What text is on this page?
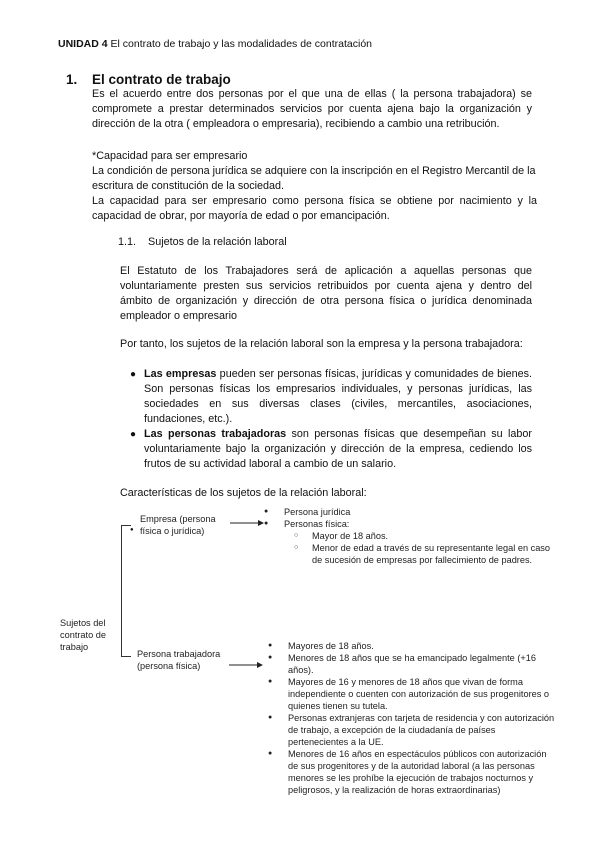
UNIDAD 4 El contrato de trabajo y las modalidades de contratación
1. El contrato de trabajo
Es el acuerdo entre dos personas por el que una de ellas ( la persona trabajadora) se compromete a prestar determinados servicios por cuenta ajena bajo la organización y dirección de la otra ( empleadora o empresaria), recibiendo a cambio una retribución.
*Capacidad para ser empresario
La condición de persona jurídica se adquiere con la inscripción en el Registro Mercantil de la escritura de constitución de la sociedad.
La capacidad para ser empresario como persona física se obtiene por nacimiento y la capacidad de obrar, por mayoría de edad o por emancipación.
1.1. Sujetos de la relación laboral
El Estatuto de los Trabajadores será de aplicación a aquellas personas que voluntariamente presten sus servicios retribuidos por cuenta ajena y dentro del ámbito de organización y dirección de otra persona física o jurídica denominada empleador o empresario
Por tanto, los sujetos de la relación laboral son la empresa y la persona trabajadora:
● Las empresas pueden ser personas físicas, jurídicas y comunidades de bienes. Son personas físicas los empresarios individuales, y personas jurídicas, las sociedades en sus diversas clases (civiles, mercantiles, asociaciones, fundaciones, etc.).
● Las personas trabajadoras son personas físicas que desempeñan su labor voluntariamente bajo la organización y dirección de la empresa, cediendo los frutos de su actividad laboral a cambio de un salario.
Características de los sujetos de la relación laboral:
Sujetos del contrato de trabajo
Empresa (persona física o jurídica)
●
● Persona jurídica
● Personas física:
○ Mayor de 18 años.
○ Menor de edad a través de su representante legal en caso de sucesión de empresas por fallecimiento de padres.
Persona trabajadora (persona física)
● Mayores de 18 años.
● Menores de 18 años que se ha emancipado legalmente (+16 años).
● Mayores de 16 y menores de 18 años que vivan de forma independiente o cuenten con autorización de sus progenitores o quienes tienen su tutela.
● Personas extranjeras con tarjeta de residencia y con autorización de trabajo, a excepción de la ciudadanía de países pertenecientes a la UE.
● Menores de 16 años en espectáculos públicos con autorización de sus progenitores y de la autoridad laboral (a las personas menores se les prohíbe la ejecución de trabajos nocturnos y peligrosos, y la realización de horas extraordinarias)
